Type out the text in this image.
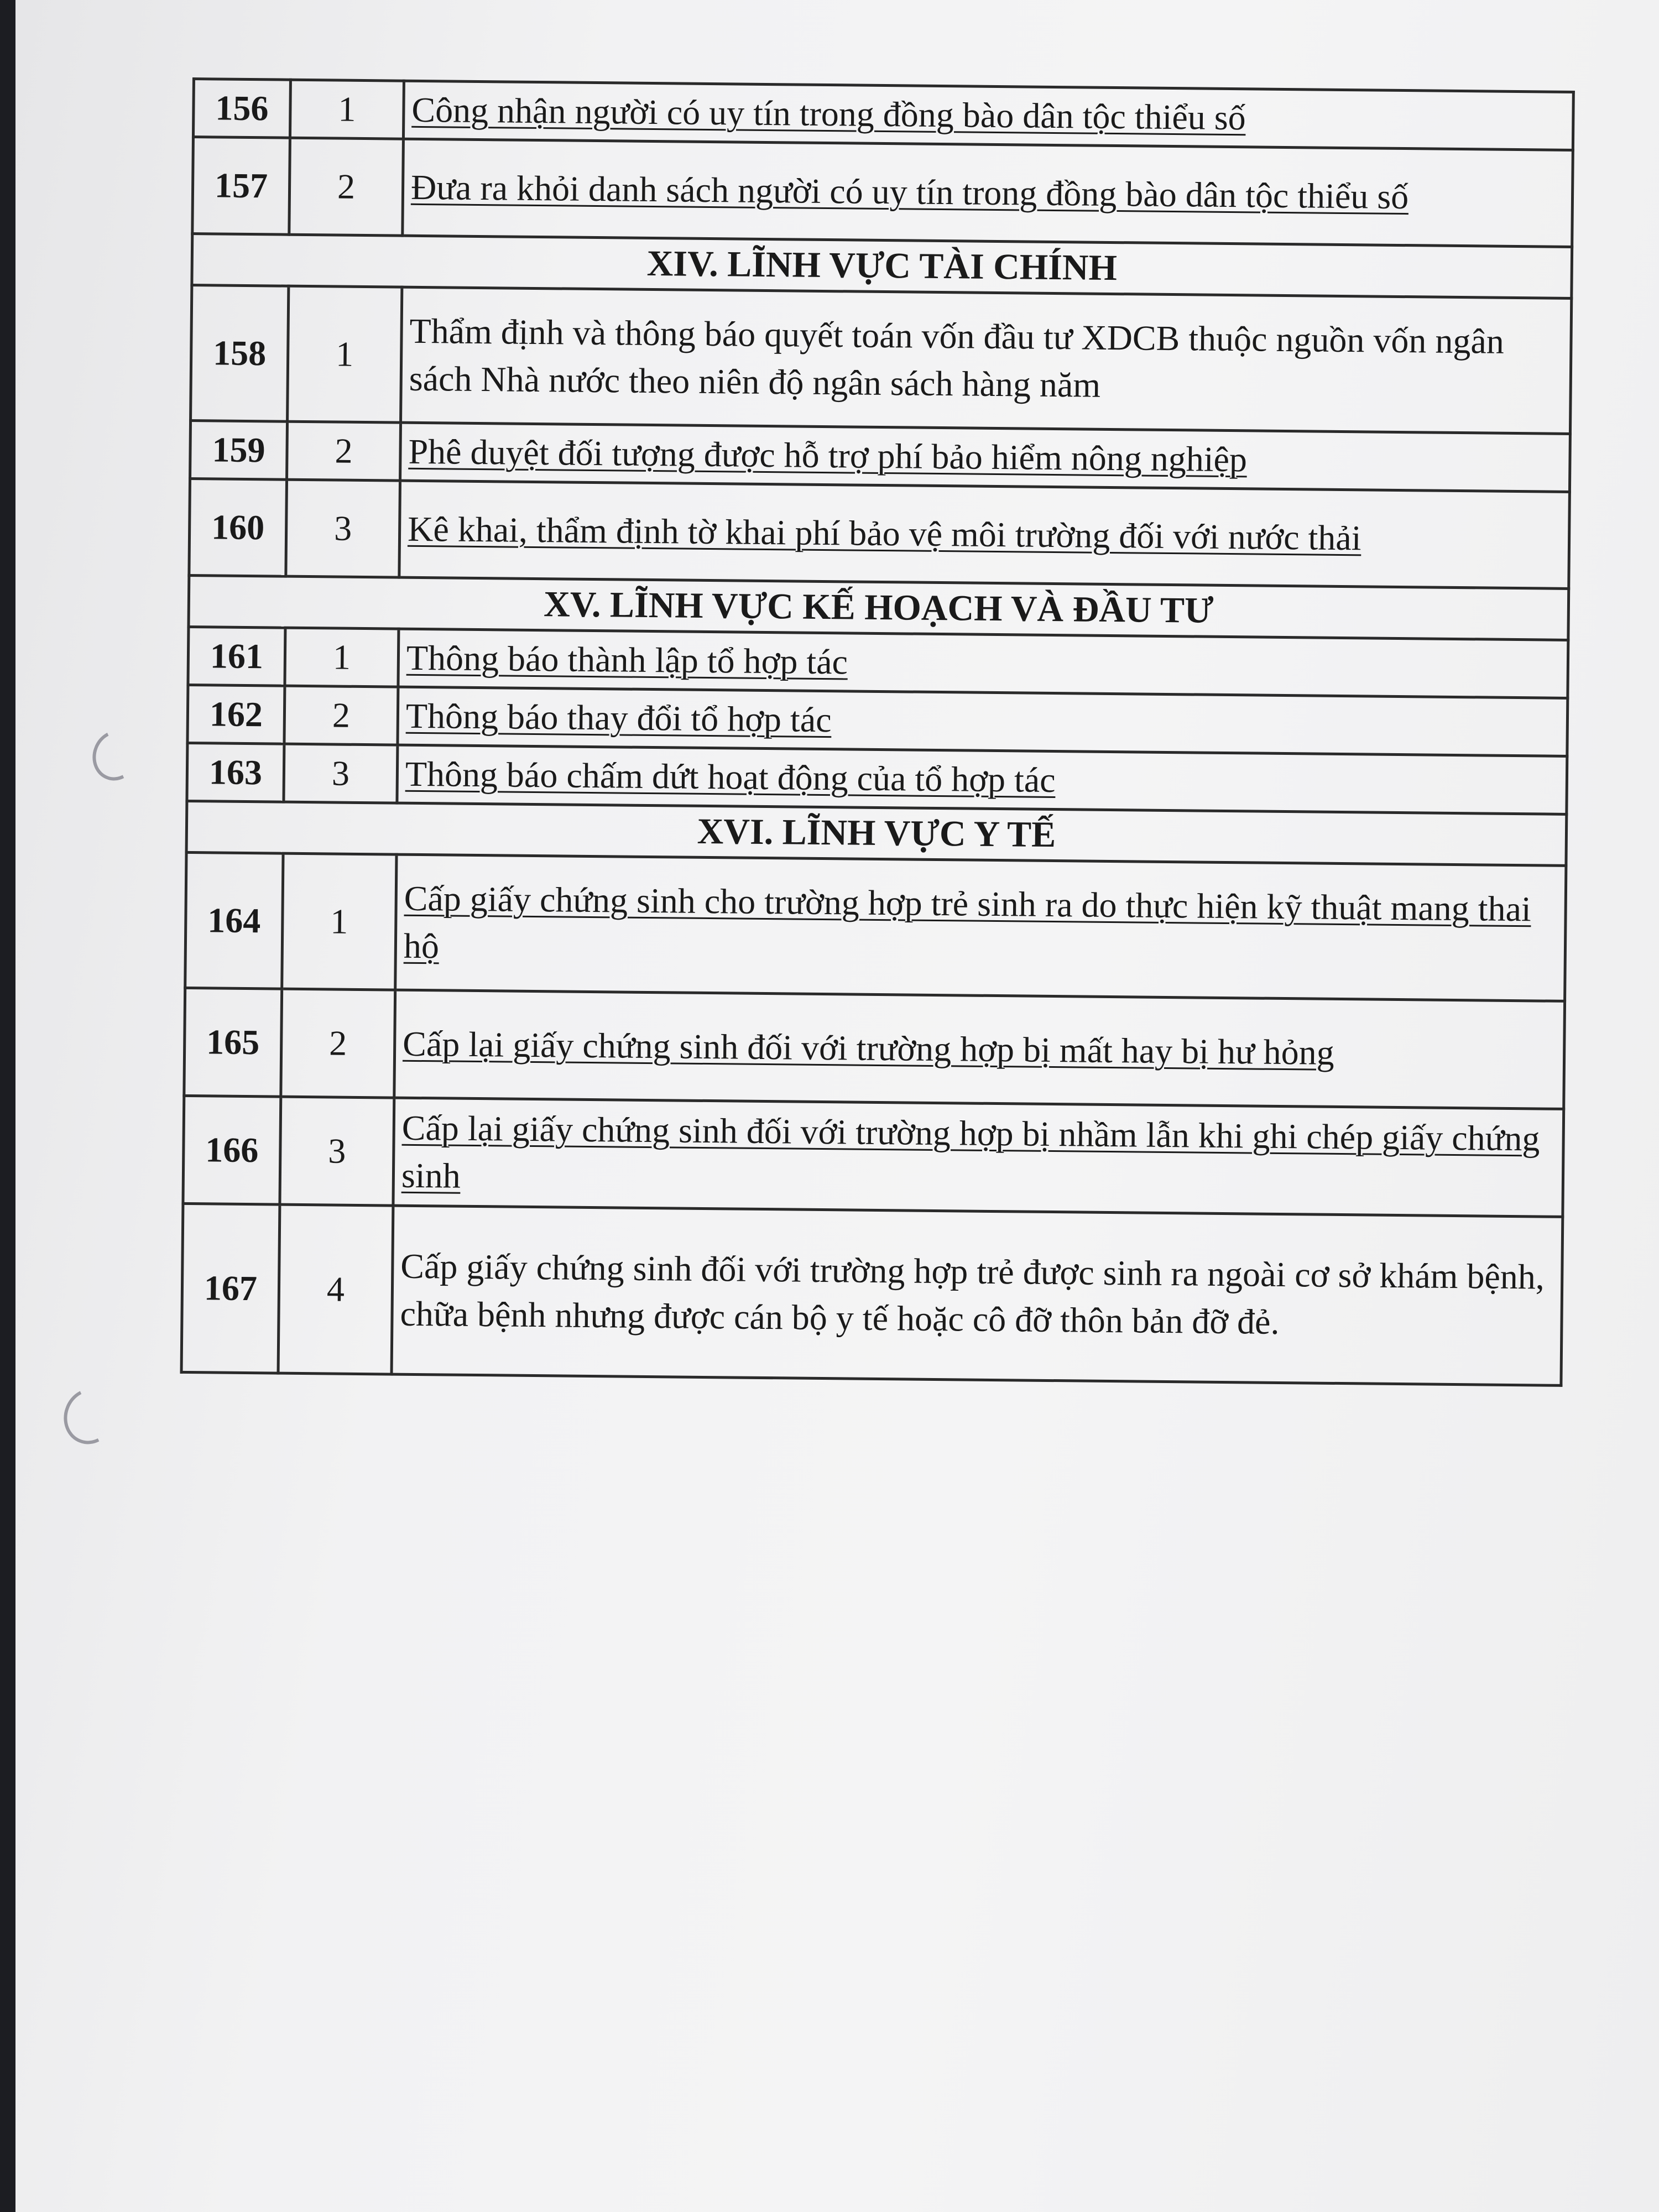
156	1	Công nhận người có uy tín trong đồng bào dân tộc thiểu số
157	2	Đưa ra khỏi danh sách người có uy tín trong đồng bào dân tộc thiểu số
XIV. LĨNH VỰC TÀI CHÍNH		
158	1	Thẩm định và thông báo quyết toán vốn đầu tư XDCB thuộc nguồn vốn ngân sách Nhà nước theo niên độ ngân sách hàng năm
159	2	Phê duyệt đối tượng được hỗ trợ phí bảo hiểm nông nghiệp
160	3	Kê khai, thẩm định tờ khai phí bảo vệ môi trường đối với nước thải
XV. LĨNH VỰC KẾ HOẠCH VÀ ĐẦU TƯ		
161	1	Thông báo thành lập tổ hợp tác
162	2	Thông báo thay đổi tổ hợp tác
163	3	Thông báo chấm dứt hoạt động của tổ hợp tác
XVI. LĨNH VỰC Y TẾ		
164	1	Cấp giấy chứng sinh cho trường hợp trẻ sinh ra do thực hiện kỹ thuật mang thai hộ
165	2	Cấp lại giấy chứng sinh đối với trường hợp bị mất hay bị hư hỏng
166	3	Cấp lại giấy chứng sinh đối với trường hợp bị nhầm lẫn khi ghi chép giấy chứng sinh
167	4	Cấp giấy chứng sinh đối với trường hợp trẻ được sinh ra ngoài cơ sở khám bệnh, chữa bệnh nhưng được cán bộ y tế hoặc cô đỡ thôn bản đỡ đẻ.
